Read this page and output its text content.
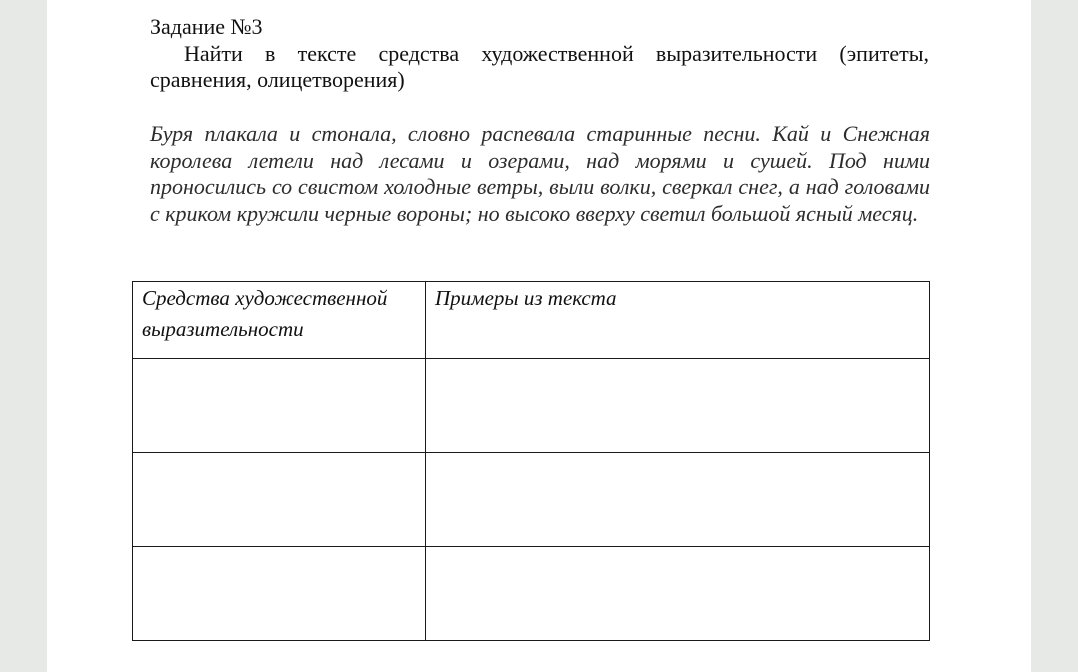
Задание №3

Найти в тексте средства художественной выразительности (эпитеты, сравнения, олицетворения)

Буря плакала и стонала, словно распевала старинные песни. Кай и Снежная королева летели над лесами и озерами, над морями и сушей. Под ними проносились со свистом холодные ветры, выли волки, сверкал снег, а над головами с криком кружили черные вороны; но высоко вверху светил большой ясный месяц.

Средства художественной выразительности	Примеры из текста
